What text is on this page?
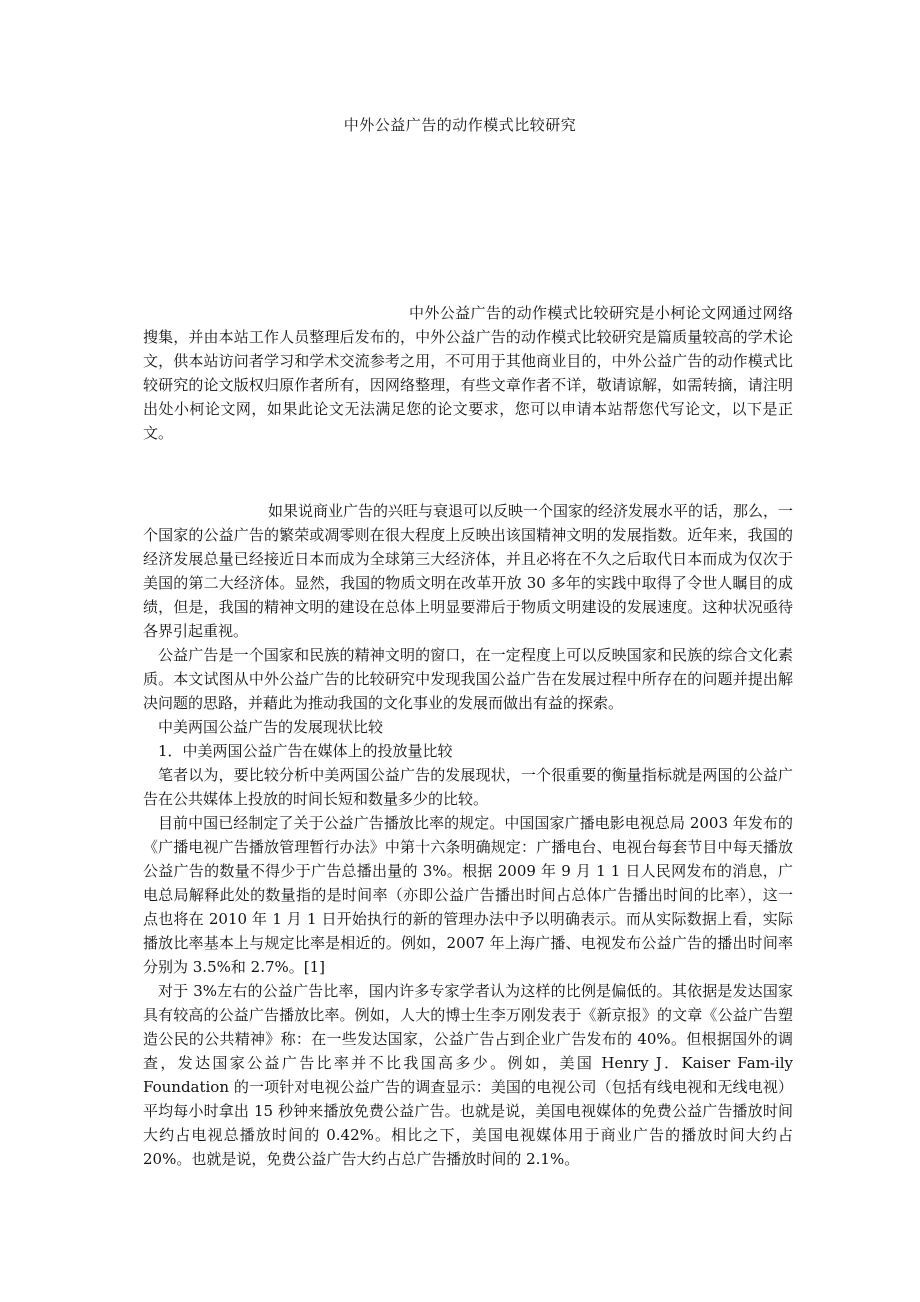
中外公益广告的动作模式比较研究

中外公益广告的动作模式比较研究是小柯论文网通过网络搜集，并由本站工作人员整理后发布的，中外公益广告的动作模式比较研究是篇质量较高的学术论文，供本站访问者学习和学术交流参考之用，不可用于其他商业目的，中外公益广告的动作模式比较研究的论文版权归原作者所有，因网络整理，有些文章作者不详，敬请谅解，如需转摘，请注明出处小柯论文网，如果此论文无法满足您的论文要求，您可以申请本站帮您代写论文，以下是正文。

如果说商业广告的兴旺与衰退可以反映一个国家的经济发展水平的话，那么，一个国家的公益广告的繁荣或凋零则在很大程度上反映出该国精神文明的发展指数。近年来，我国的经济发展总量已经接近日本而成为全球第三大经济体，并且必将在不久之后取代日本而成为仅次于美国的第二大经济体。显然，我国的物质文明在改革开放 30 多年的实践中取得了令世人瞩目的成绩，但是，我国的精神文明的建设在总体上明显要滞后于物质文明建设的发展速度。这种状况亟待各界引起重视。

公益广告是一个国家和民族的精神文明的窗口，在一定程度上可以反映国家和民族的综合文化素质。本文试图从中外公益广告的比较研究中发现我国公益广告在发展过程中所存在的问题并提出解决问题的思路，并藉此为推动我国的文化事业的发展而做出有益的探索。

中美两国公益广告的发展现状比较

1．中美两国公益广告在媒体上的投放量比较

笔者以为，要比较分析中美两国公益广告的发展现状，一个很重要的衡量指标就是两国的公益广告在公共媒体上投放的时间长短和数量多少的比较。

目前中国已经制定了关于公益广告播放比率的规定。中国国家广播电影电视总局 2003 年发布的《广播电视广告播放管理暂行办法》中第十六条明确规定：广播电台、电视台每套节目中每天播放公益广告的数量不得少于广告总播出量的 3%。根据 2009 年 9 月 1 1 日人民网发布的消息，广电总局解释此处的数量指的是时间率（亦即公益广告播出时间占总体广告播出时间的比率），这一点也将在 2010 年 1 月 1 日开始执行的新的管理办法中予以明确表示。而从实际数据上看，实际播放比率基本上与规定比率是相近的。例如，2007 年上海广播、电视发布公益广告的播出时间率分别为 3.5%和 2.7%。[1]

对于 3%左右的公益广告比率，国内许多专家学者认为这样的比例是偏低的。其依据是发达国家具有较高的公益广告播放比率。例如，人大的博士生李万刚发表于《新京报》的文章《公益广告塑造公民的公共精神》称：在一些发达国家，公益广告占到企业广告发布的 40%。但根据国外的调查，发达国家公益广告比率并不比我国高多少。例如，美国 Henry J．Kaiser Fam-ily Foundation 的一项针对电视公益广告的调查显示：美国的电视公司（包括有线电视和无线电视）平均每小时拿出 15 秒钟来播放免费公益广告。也就是说，美国电视媒体的免费公益广告播放时间大约占电视总播放时间的 0.42%。相比之下，美国电视媒体用于商业广告的播放时间大约占 20%。也就是说，免费公益广告大约占总广告播放时间的 2.1%。
